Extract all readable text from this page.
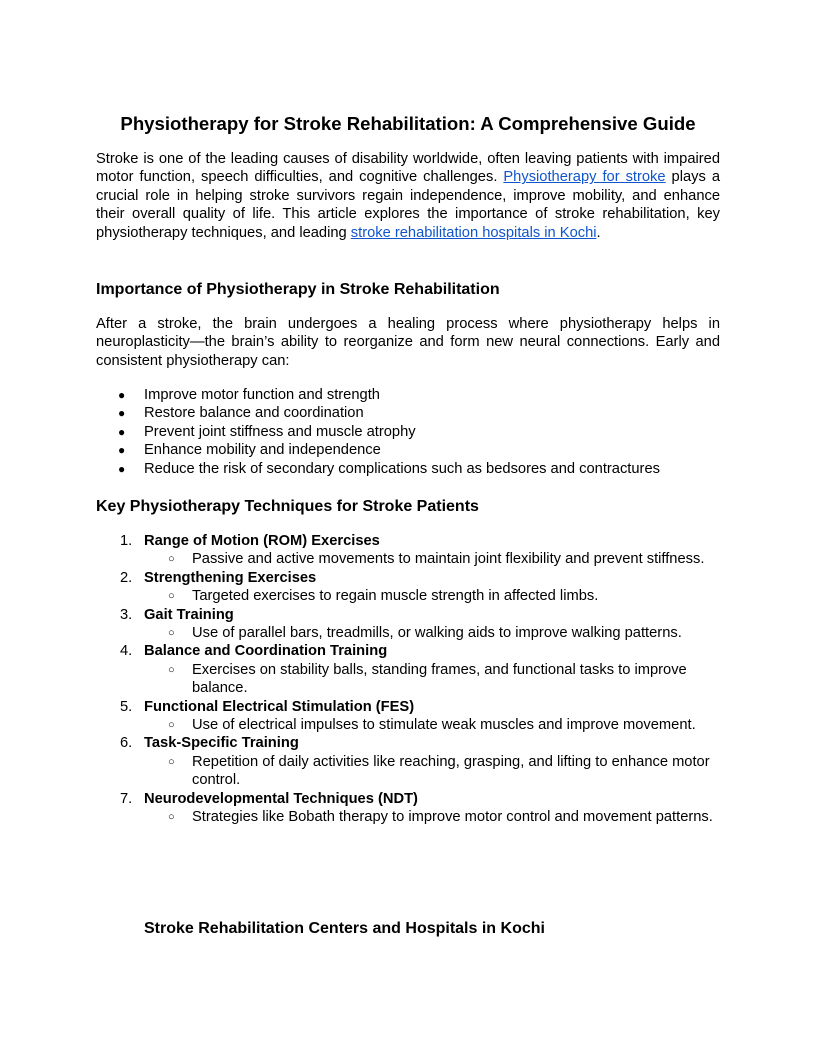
Physiotherapy for Stroke Rehabilitation: A Comprehensive Guide

Stroke is one of the leading causes of disability worldwide, often leaving patients with impaired motor function, speech difficulties, and cognitive challenges. Physiotherapy for stroke plays a crucial role in helping stroke survivors regain independence, improve mobility, and enhance their overall quality of life. This article explores the importance of stroke rehabilitation, key physiotherapy techniques, and leading stroke rehabilitation hospitals in Kochi.

Importance of Physiotherapy in Stroke Rehabilitation

After a stroke, the brain undergoes a healing process where physiotherapy helps in neuroplasticity—the brain’s ability to reorganize and form new neural connections. Early and consistent physiotherapy can:

● Improve motor function and strength
● Restore balance and coordination
● Prevent joint stiffness and muscle atrophy
● Enhance mobility and independence
● Reduce the risk of secondary complications such as bedsores and contractures
Key Physiotherapy Techniques for Stroke Patients
1. Range of Motion (ROM) Exercises
○ Passive and active movements to maintain joint flexibility and prevent stiffness.
2. Strengthening Exercises
○ Targeted exercises to regain muscle strength in affected limbs.
3. Gait Training
○ Use of parallel bars, treadmills, or walking aids to improve walking patterns.
4. Balance and Coordination Training
○ Exercises on stability balls, standing frames, and functional tasks to improve balance.
5. Functional Electrical Stimulation (FES)
○ Use of electrical impulses to stimulate weak muscles and improve movement.
6. Task-Specific Training
○ Repetition of daily activities like reaching, grasping, and lifting to enhance motor control.
7. Neurodevelopmental Techniques (NDT)
○ Strategies like Bobath therapy to improve motor control and movement patterns.
Stroke Rehabilitation Centers and Hospitals in Kochi
